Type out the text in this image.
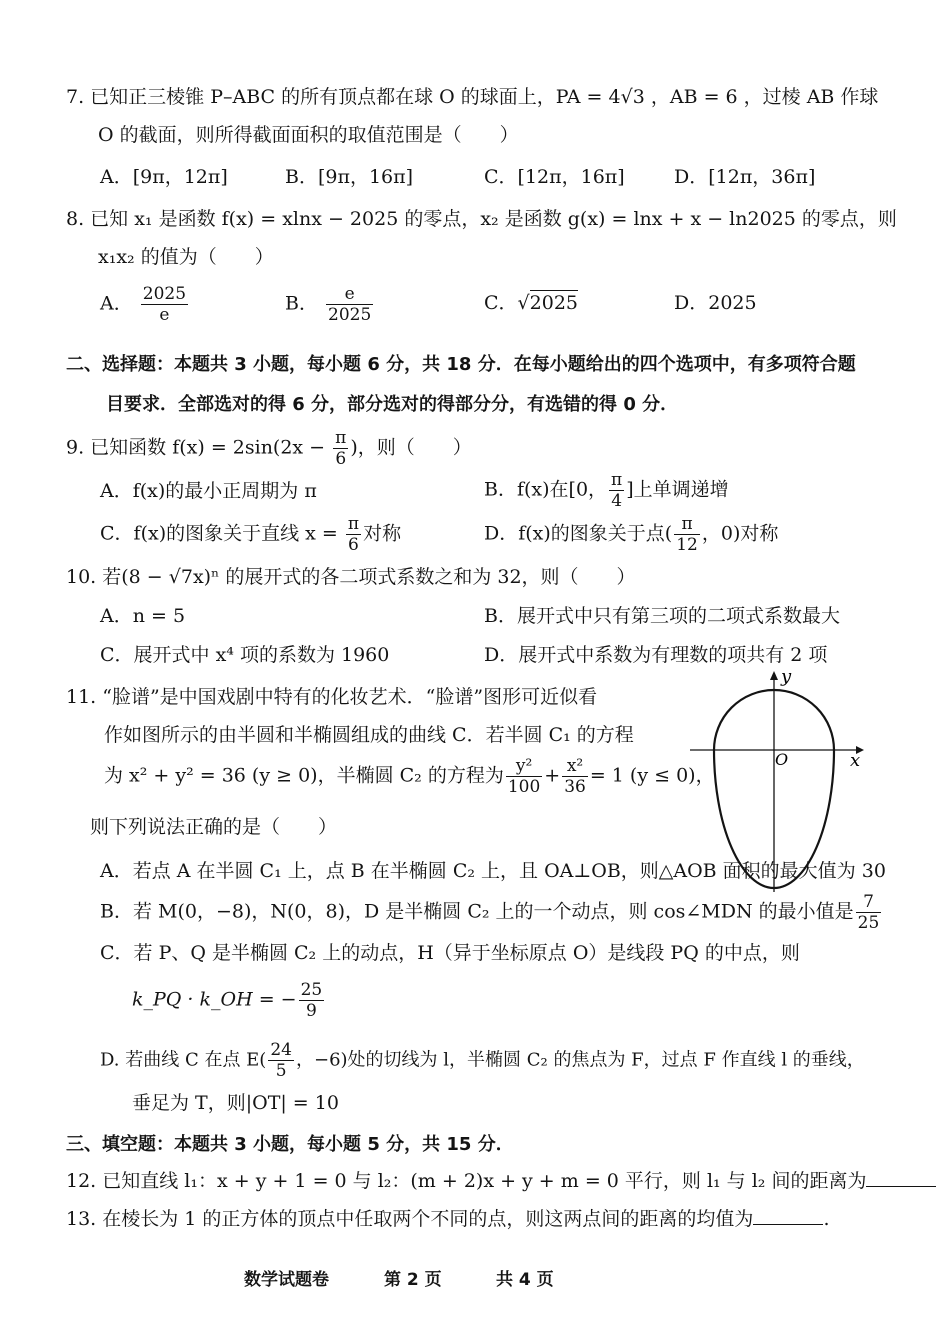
7. 已知正三棱锥 P–ABC 的所有顶点都在球 O 的球面上，PA = 4√3 ，AB = 6 ，过棱 AB 作球
O 的截面，则所得截面面积的取值范围是（　　）
A．[9π，12π]	B．[9π，16π]	C．[12π，16π]	D．[12π，36π]
8. 已知 x₁ 是函数 f(x) = xlnx − 2025 的零点，x₂ 是函数 g(x) = lnx + x − ln2025 的零点，则
x₁x₂ 的值为（　　）
A． $\frac{2025}{e}$	B． $\frac{e}{2025}$	C．√2025	D．2025
二、选择题：本题共 3 小题，每小题 6 分，共 18 分．在每小题给出的四个选项中，有多项符合题
目要求．全部选对的得 6 分，部分选对的得部分分，有选错的得 0 分．
9. 已知函数 $f(x) = 2\sin(2x - \frac{\pi}{6}$ )，则（　　）
A．f(x)的最小正周期为 π	B．f(x)在[0， $\frac{\pi}{4}$ ]上单调递增
C．f(x)的图象关于直线 $x = \frac{\pi}{6}$ 对称	D．f(x)的图象关于点( $\frac{\pi}{12}$ ，0)对称
10. 若(8 − √7x)ⁿ 的展开式的各二项式系数之和为 32，则（　　）
A．n = 5	B．展开式中只有第三项的二项式系数最大
C．展开式中 x⁴ 项的系数为 1960	D．展开式中系数为有理数的项共有 2 项
11. “脸谱”是中国戏剧中特有的化妆艺术．“脸谱”图形可近似看
作如图所示的由半圆和半椭圆组成的曲线 C．若半圆 C₁ 的方程
为 x² + y² = 36 (y ≥ 0)，半椭圆 C₂ 的方程为 $\frac{\text{y²}}{100} + \frac{\text{x²}}{36} = 1$ (y ≤ 0)，
则下列说法正确的是（　　）
x
y
O
A．若点 A 在半圆 C₁ 上，点 B 在半椭圆 C₂ 上，且 OA⊥OB，则△AOB 面积的最大值为 30
B．若 M(0，−8)，N(0，8)，D 是半椭圆 C₂ 上的一个动点，则 cos∠MDN 的最小值是 $\frac{7}{25}$
C．若 P、Q 是半椭圆 C₂ 上的动点，H（异于坐标原点 O）是线段 PQ 的中点，则
k_PQ · k_OH = − $\frac{25}{9}$
D. 若曲线 C 在点 $E( \frac{24}{5}$ ，−6)处的切线为 l，半椭圆 C₂ 的焦点为 F，过点 F 作直线 l 的垂线，
垂足为 T，则|OT| = 10
三、填空题：本题共 3 小题，每小题 5 分，共 15 分．
12. 已知直线 l₁：x + y + 1 = 0 与 l₂：(m + 2)x + y + m = 0 平行，则 l₁ 与 l₂ 间的距离为
13. 在棱长为 1 的正方体的顶点中任取两个不同的点，则这两点间的距离的均值为	.
数学试题卷	第 2 页	共 4 页
